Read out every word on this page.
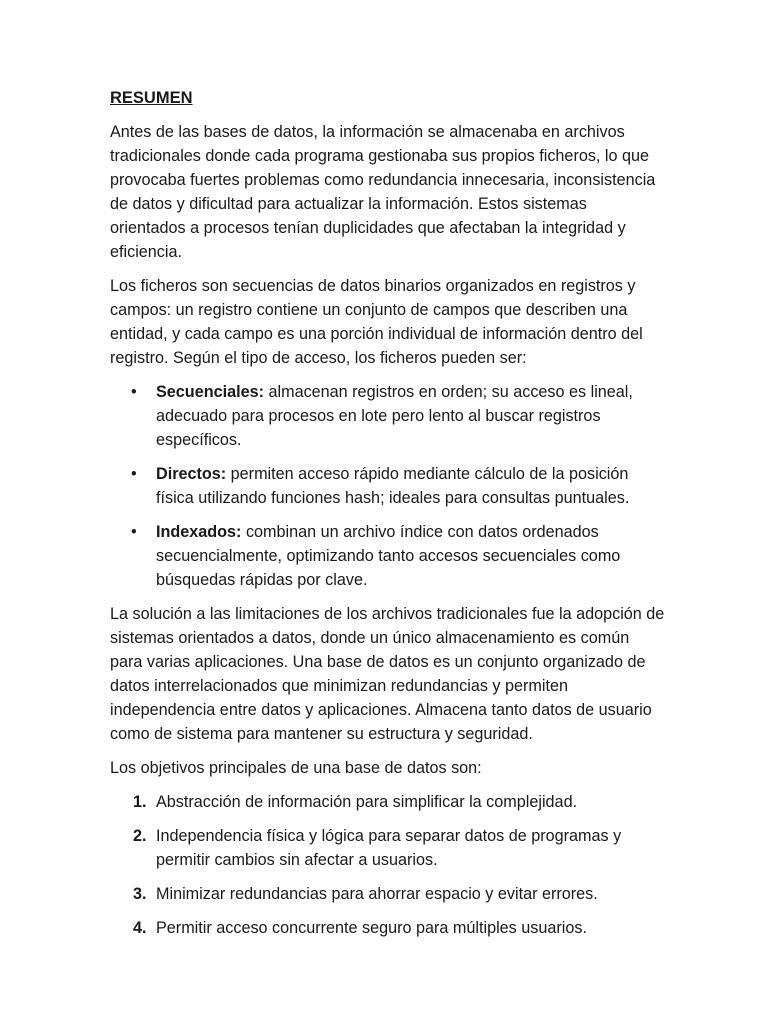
RESUMEN

Antes de las bases de datos, la información se almacenaba en archivos tradicionales donde cada programa gestionaba sus propios ficheros, lo que provocaba fuertes problemas como redundancia innecesaria, inconsistencia de datos y dificultad para actualizar la información. Estos sistemas orientados a procesos tenían duplicidades que afectaban la integridad y eficiencia.

Los ficheros son secuencias de datos binarios organizados en registros y campos: un registro contiene un conjunto de campos que describen una entidad, y cada campo es una porción individual de información dentro del registro. Según el tipo de acceso, los ficheros pueden ser:

• Secuenciales: almacenan registros en orden; su acceso es lineal, adecuado para procesos en lote pero lento al buscar registros específicos.
• Directos: permiten acceso rápido mediante cálculo de la posición física utilizando funciones hash; ideales para consultas puntuales.
• Indexados: combinan un archivo índice con datos ordenados secuencialmente, optimizando tanto accesos secuenciales como búsquedas rápidas por clave.

La solución a las limitaciones de los archivos tradicionales fue la adopción de sistemas orientados a datos, donde un único almacenamiento es común para varias aplicaciones. Una base de datos es un conjunto organizado de datos interrelacionados que minimizan redundancias y permiten independencia entre datos y aplicaciones. Almacena tanto datos de usuario como de sistema para mantener su estructura y seguridad.

Los objetivos principales de una base de datos son:

1. Abstracción de información para simplificar la complejidad.
2. Independencia física y lógica para separar datos de programas y permitir cambios sin afectar a usuarios.
3. Minimizar redundancias para ahorrar espacio y evitar errores.
4. Permitir acceso concurrente seguro para múltiples usuarios.
